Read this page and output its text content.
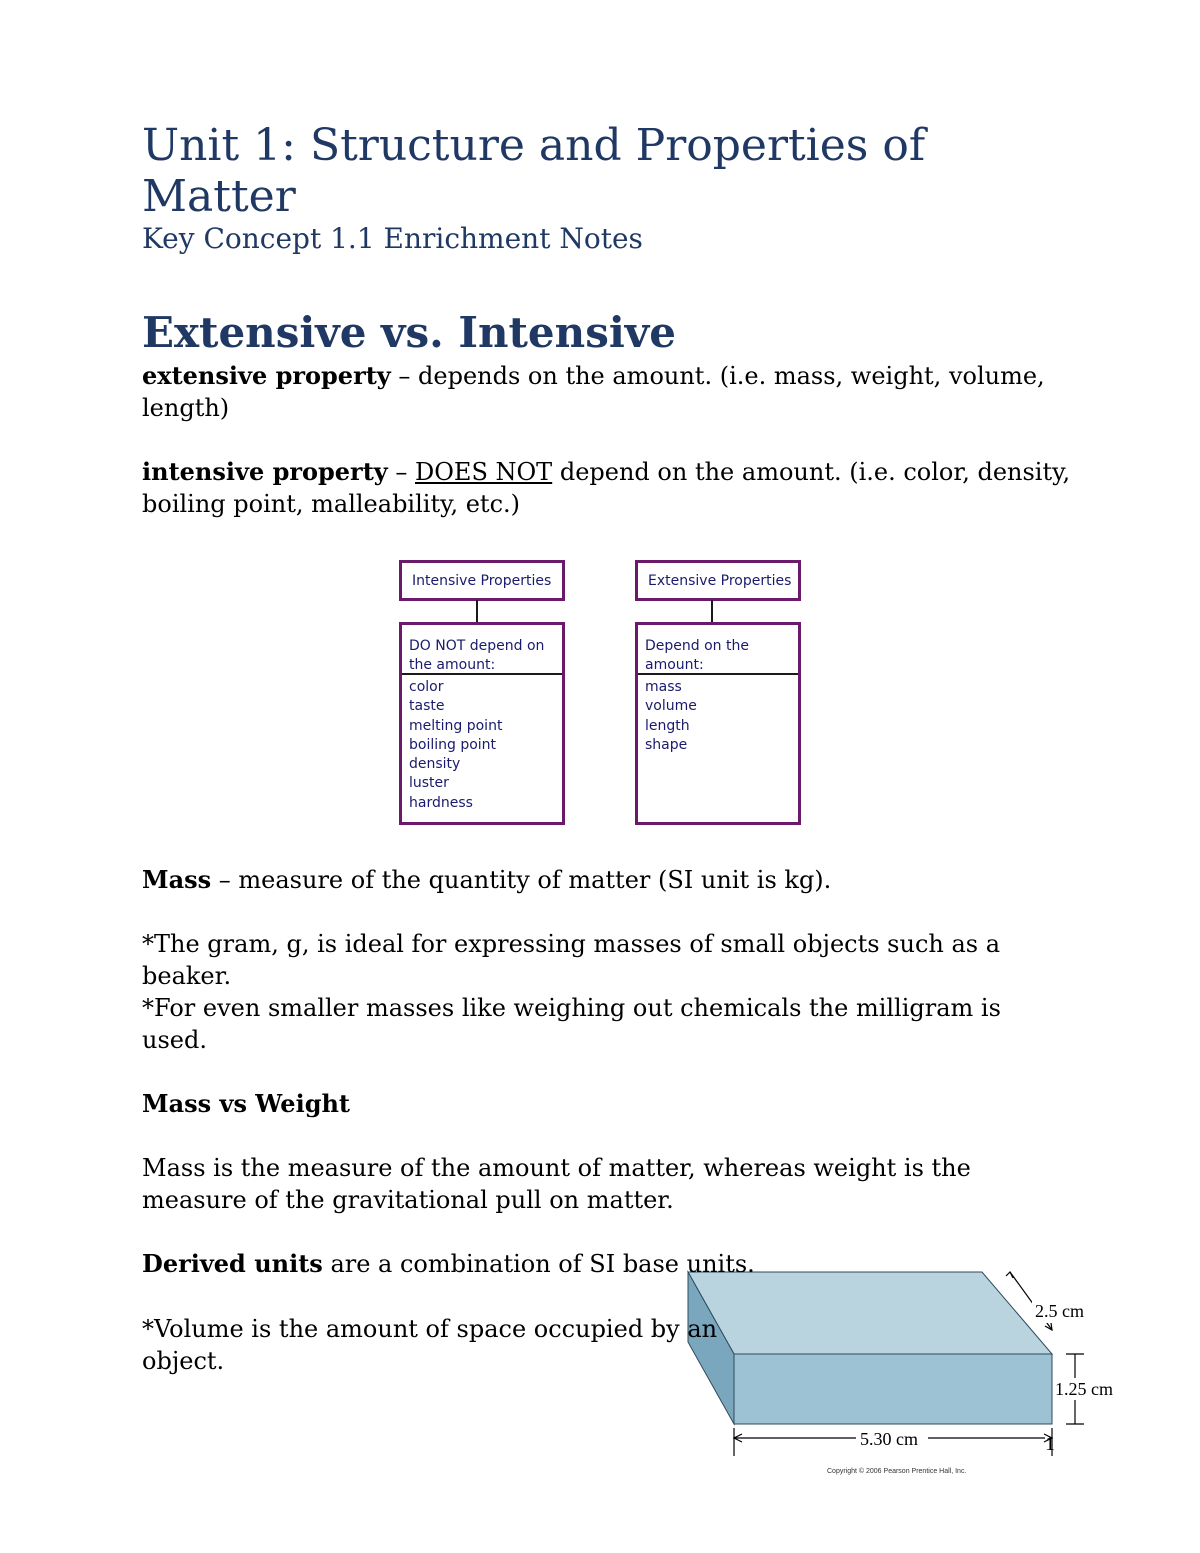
Unit 1: Structure and Properties of Matter
Key Concept 1.1 Enrichment Notes
Extensive vs. Intensive

extensive property – depends on the amount. (i.e. mass, weight, volume, length)

intensive property – DOES NOT depend on the amount. (i.e. color, density, boiling point, malleability, etc.)

Intensive Properties
DO NOT depend on the amount:
color
taste
melting point
boiling point
density
luster
hardness
Extensive Properties
Depend on the amount:
mass
volume
length
shape

Mass – measure of the quantity of matter (SI unit is kg).

*The gram, g, is ideal for expressing masses of small objects such as a beaker.

*For even smaller masses like weighing out chemicals the milligram is used.

Mass vs Weight

Mass is the measure of the amount of matter, whereas weight is the measure of the gravitational pull on matter.

2.5 cm
1.25 cm
5.30 cm	1
Copyright © 2006 Pearson Prentice Hall, Inc.

Derived units are a combination of SI base units.

*Volume is the amount of space occupied by an object.
